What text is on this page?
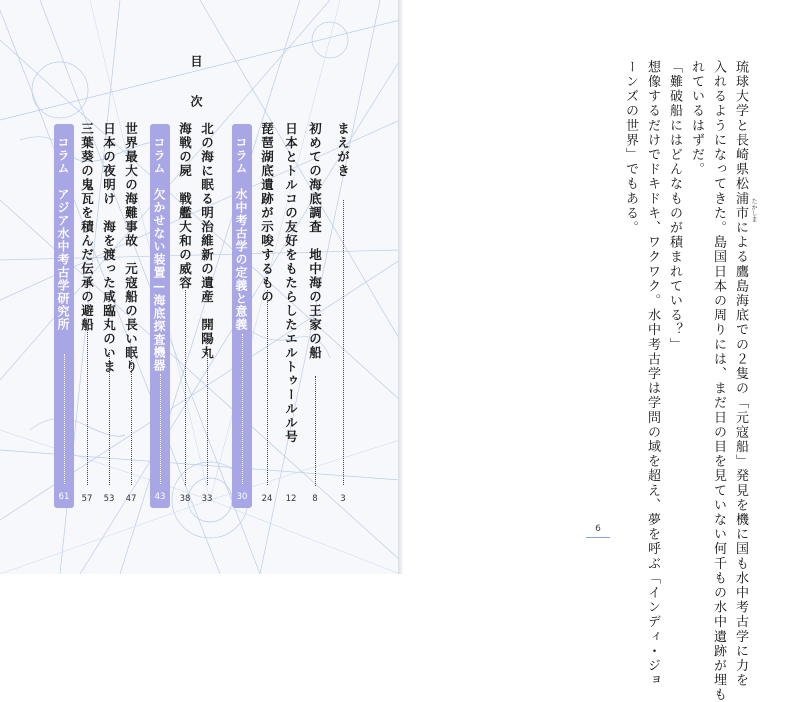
目　次
まえがき
3
初めての海底調査　地中海の王家の船
8
日本とトルコの友好をもたらしたエルトゥールル号
12
琵琶湖底遺跡が示唆するもの
24
コラム　水中考古学の定義と意義
30
北の海に眠る明治維新の遺産　開陽丸
33
海戦の屍　戦艦大和の威容
38
コラム　欠かせない装置—海底探査機器
43
世界最大の海難事故　元寇船の長い眠り
47
日本の夜明け　海を渡った咸臨丸のいま
53
三葉葵の鬼瓦を積んだ伝承の避船
57
コラム　アジア水中考古学研究所
61	琉球大学と長崎県松浦市による鷹島海底での２隻の「元寇船」発見を機に国も水中考古学に力を
入れるようになってきた。島国日本の周りには、まだ日の目を見ていない何千もの水中遺跡が埋も
れているはずだ。
「難破船にはどんなものが積まれている？」
想像するだけでドキドキ、ワクワク。水中考古学は学問の域を超え、夢を呼ぶ「インディ・ジョ
ーンズの世界」でもある。	たかしま
6
